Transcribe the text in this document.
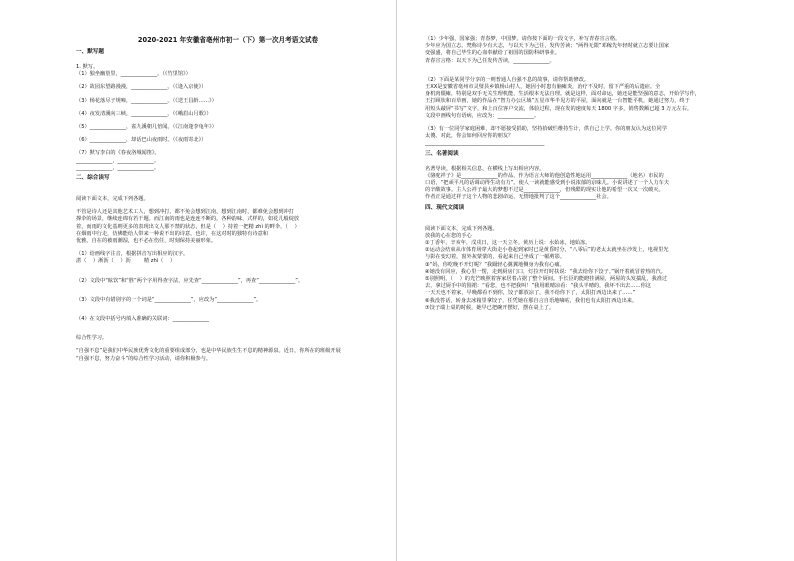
2020-2021 年安徽省亳州市初一（下）第一次月考语文试卷
一、默写题
1. 默写。
（1）独坐幽篁里，______________。（《竹里馆》）
（2）故园东望路漫漫，______________。（《逢入京使》）
（3）杨花落尽子规啼，______________。（《送王昌龄……》）
（4）夜发清溪向三峡，______________。（《峨眉山月歌》）
（5）______________，雀九溪朝几倍闻。（《江南逢李龟年》）
（6）______________，却话巴山夜雨时。（《夜雨寄北》）
（7）默写李白的《春夜洛城闻笛》。
______________，______________。
______________，______________。
二、综合读写
阅读下面文本，完成下列各题。
不管是诗人还是其他艺术工人，想到冲打，都不免会想到江南，想到江南时，都难免会想到冲打
撑伞的场景，继续连绵有若干题。而江南的雨也是连连不断的，各种韵味、式样的，如花儿般绽放
着，而雨的文化基则更多的表现出文人那不禁的状态，但是（    ）持着一把精 zhì 的畔伞，（    ）
在烟雨中行走，仿佛能给人带来一种说不出的诗意。也许，在这对时的独特有诗意和
优雅。自在的被雨潮湿，也不必在伤任，时刻保持美丽形象。
（1）给画线字注音，根据拼音写出相应的汉字。
湛（    ）淅沥（    ）沥        精 zhì（    ）
（2）文段中“眩饮”和“胜”两个字用得查字法，应先查“______________”，再查“______________”。
（3）文段中有错别字的一个词是“______________”，应改为“______________”。
（4）在文段中括号内填入准确的关联词：______________
综合性学习。
“自强不息”是我们中华民族优秀文化的重要组成部分，也是中华民族生生不息的精神源泉。近日，你所在的班级开展
“自强不息，努力奋斗”的综合性学习活动，请你积极参与。
（1）少年强，国家强；青春梦，中国梦。请你按下面的一段文字，补写青春宣言格。
少年应为国立志。梵称诗少有大志，与以天下为己任，发传苦读；“两得无限”邓稼先年轻时就立志要让国家
变强盛，将自己毕生的心血奉献给了祖国的国防科研事业。
青春宣言格：以天下为己任发传苦读，______________。
（2）下面是某同学分享的一则普通人自强不息的故事，请你帮助修改。
王XX是安徽省亳州市灵璧县乡镇杨山村人，她因小时患有脑瘫炎，治疗不及时，留下严重的后遗症。全
身机肉僵瘫，特别是双手无关生理机能，生活根本无法自理。就是这样，面对命运，她还是能坚强的意志，开始学写作，
王打顾状和百草画，她的作品在“智力办公区域”五星市华半见方的平屋，面向就是一台智能平机，她通过努力，终于
用短头敲屏“书写”文字，和上百位客户交流，体验过程，现在发的速度每天 1800 字多，销售数额已超 3 万元左右。
文段中画线句有语病，应改为：______________。
（3）有一位同学家庭困难，却不愿接受捐助，坚持拾破烂维持生计，供自己上学。你的朋友认为这位同学
太傻。对此，你会如何回应你的朋友？
______________________________________________
三、名著阅读
名著导读。根据相关信息，在横线上写出相应内容。
《骆驼祥子》是______________的作品，作为语言大师的他创造性地运用______________（地名）市民的
口语，“把顽平凡的话调动得生动有力”。使人一读就能感受到小说浓郁的京味儿。小说讲述了一个人力车夫
的辛酸故事。主人公祥子最大的梦想不过是______________，但残酷的现实让他的希望一次又一次破灭。
作者正是通过祥子这个人物的悲剧命运，无情地批判了这个______________社会。
四、现代文阅读
阅读下面文本，完成下列各题。
放我的心在您的手心
①丁香年，辛亥年，戊戌日，这一天立冬。黄历上说：水始冰，地始冻。
②运动会结束从市体育场穿大街走小巷起到家时已是黄昏时分，“八零后”的老太太就坐在沙发上，电视里光
与影在变幻着，窗外灰蒙蒙的，看起来自己坐成了一幅剪影。
③“妈，你吃晚不开灯呢？”我蹑轻心翼翼地侧身为我有心痛。
④她没有回应，我心里一愣，走到厨房门口，灯拉开灯时扶说：“我去给你下饺子。”锅开着就冒着热的汽。
⑤别照明，（    ）的光芒映照着客家居着占据了整个厨间。手长臣的能瞪挂满屋，两屋的头发揣乱，我准过
去，拿过厨手中的围裙：“看您，也不把我叫！”我用眼晴凉看：“我头半晴的，我坏不出去……你这
一天天也不着家，早晚都看不到你，饺子都放凉了，我不给你下了，太阳打西边出来了……”
⑥我没答话，转身去冰箱里拿饺子，任凭她在那自言自语地嘀咕，我们也有太阳打西边出来。
⑦饺子端上桌的时候，她早已把碗开摆好，摆在桌上了。
